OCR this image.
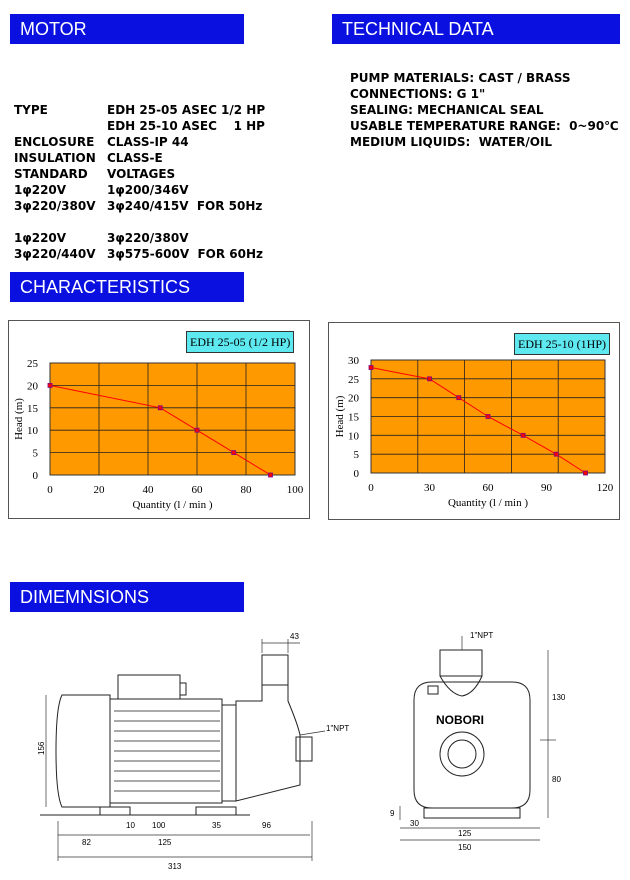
MOTOR	TECHNICAL DATA

TYPE	EDH 25-05 ASEC 1/2 HP
EDH 25-10 ASEC    1 HP
ENCLOSURE CLASS-IP 44
INSULATION CLASS-E
STANDARD VOLTAGES
1φ220V	1φ200/346V
3φ220/380V 3φ240/415V  FOR 50Hz
1φ220V	3φ220/380V
3φ220/440V 3φ575-600V  FOR 60Hz

PUMP MATERIALS: CAST / BRASS
CONNECTIONS: G 1"
SEALING: MECHANICAL SEAL
USABLE TEMPERATURE RANGE:  0~90℃
MEDIUM LIQUIDS:  WATER/OIL
CHARACTERISTICS
0	20	40	60	80	100
0
5
10
15
20
25
Quantity (l / min )
Head (m)
EDH 25-05 (1/2 HP)
0	30	60	90	120
0
5
10
15
20
25
30
Quantity (l / min )
Head (m)
EDH 25-10 (1HP)
DIMEMNSIONS
43
1"NPT
156
10 100	35	96
82	125
313
1"NPT
NOBORI
130
80
9
30
125
150
